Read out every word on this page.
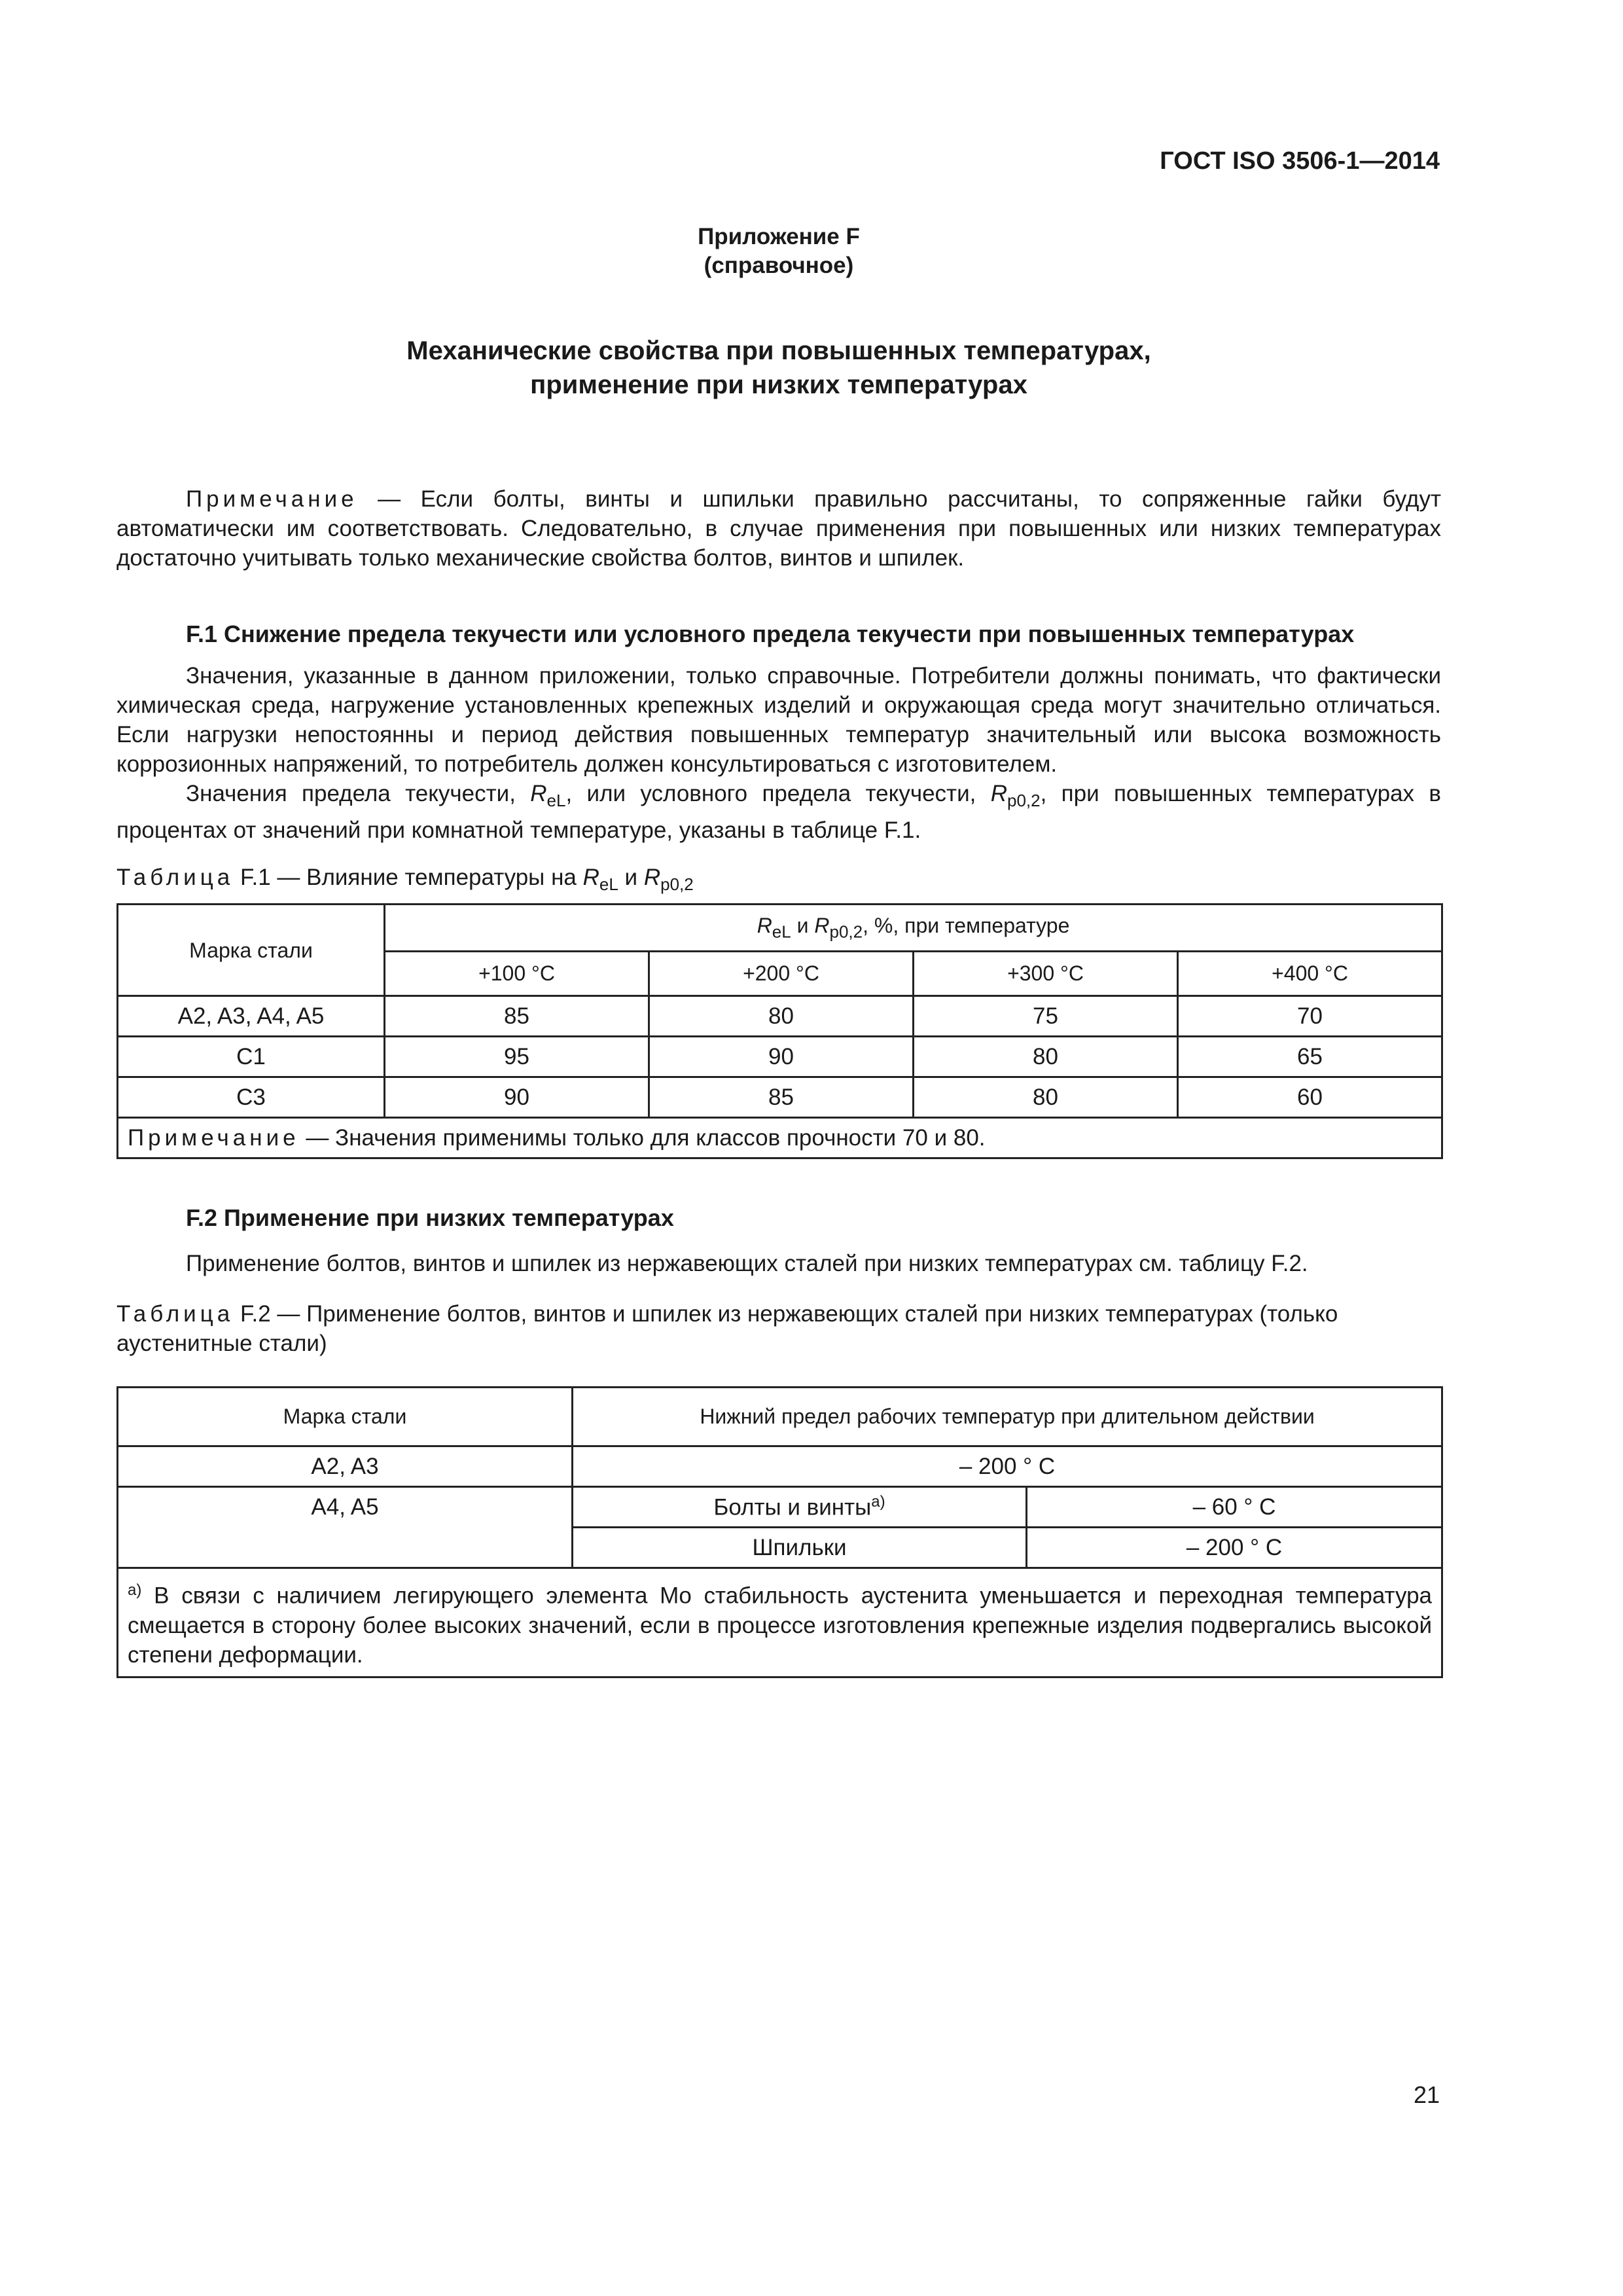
ГОСТ ISO 3506-1—2014
Приложение F
(справочное)
Механические свойства при повышенных температурах,
применение при низких температурах
Примечание — Если болты, винты и шпильки правильно рассчитаны, то сопряженные гайки будут автоматически им соответствовать. Следовательно, в случае применения при повышенных или низких температурах достаточно учитывать только механические свойства болтов, винтов и шпилек.
F.1 Снижение предела текучести или условного предела текучести при повышенных температурах
Значения, указанные в данном приложении, только справочные. Потребители должны понимать, что фактически химическая среда, нагружение установленных крепежных изделий и окружающая среда могут значительно отличаться. Если нагрузки непостоянны и период действия повышенных температур значительный или высока возможность коррозионных напряжений, то потребитель должен консультироваться с изготовителем.
Значения предела текучести, $R_{eL}$, или условного предела текучести, $R_{p0,2}$, при повышенных температурах в процентах от значений при комнатной температуре, указаны в таблице F.1.
Таблица F.1 — Влияние температуры на $R_{eL}$ и $R_{p0,2}$
Марка стали	$R_{eL}$ и $R_{p0,2}$, %, при температуре			
	+100 °C	+200 °C	+300 °C	+400 °C
A2, A3, A4, A5	85	80	75	70
C1	95	90	80	65
C3	90	85	80	60
Примечание — Значения применимы только для классов прочности 70 и 80.				
F.2 Применение при низких температурах
Применение болтов, винтов и шпилек из нержавеющих сталей при низких температурах см. таблицу F.2.
Таблица F.2 — Применение болтов, винтов и шпилек из нержавеющих сталей при низких температурах (только аустенитные стали)
Марка стали	Нижний предел рабочих температур при длительном действии	
A2, A3	– 200 ° C	
A4, A5	Болты и винты$^{а)}$	– 60 ° C
	Шпильки	– 200 ° C
$^{а)}$ В связи с наличием легирующего элемента Mo стабильность аустенита уменьшается и переходная температура смещается в сторону более высоких значений, если в процессе изготовления крепежные изделия подвергались высокой степени деформации.		
21
